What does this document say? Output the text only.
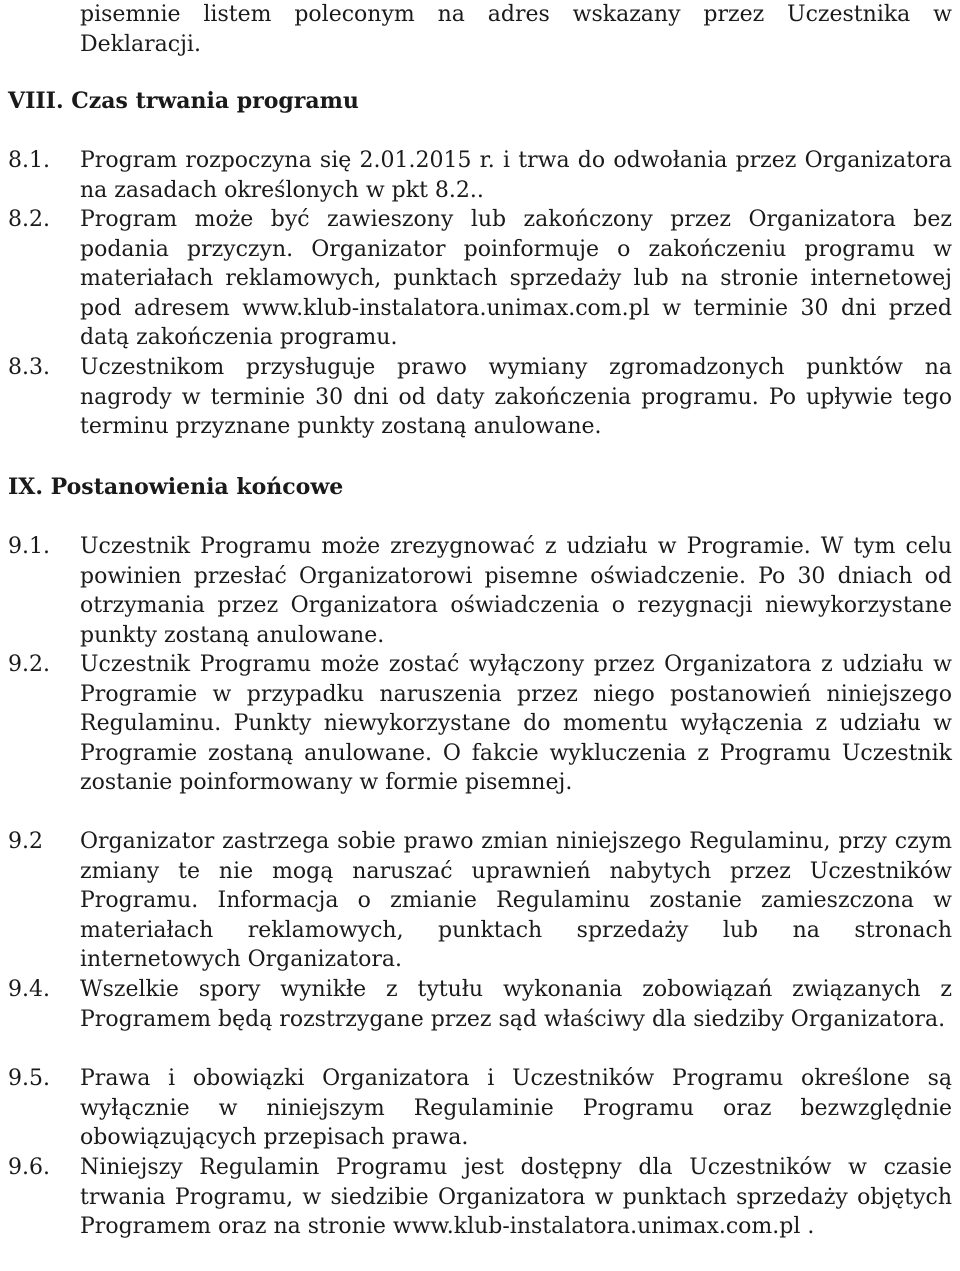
pisemnie listem poleconym na adres wskazany przez Uczestnika w
Deklaracji.
VIII. Czas trwania programu
8.1.	Program rozpoczyna się 2.01.2015 r. i trwa do odwołania przez Organizatora na zasadach określonych w pkt 8.2..
8.2.	Program może być zawieszony lub zakończony przez Organizatora bez podania przyczyn. Organizator poinformuje o zakończeniu programu w materiałach reklamowych, punktach sprzedaży lub na stronie internetowej pod adresem www.klub-instalatora.unimax.com.pl w terminie 30 dni przed datą zakończenia programu.
8.3.	Uczestnikom przysługuje prawo wymiany zgromadzonych punktów na nagrody w terminie 30 dni od daty zakończenia programu. Po upływie tego terminu przyznane punkty zostaną anulowane.
IX. Postanowienia końcowe
9.1.	Uczestnik Programu może zrezygnować z udziału w Programie. W tym celu powinien przesłać Organizatorowi pisemne oświadczenie. Po 30 dniach od otrzymania przez Organizatora oświadczenia o rezygnacji niewykorzystane punkty zostaną anulowane.
9.2.	Uczestnik Programu może zostać wyłączony przez Organizatora z udziału w Programie w przypadku naruszenia przez niego postanowień niniejszego Regulaminu. Punkty niewykorzystane do momentu wyłączenia z udziału w Programie zostaną anulowane. O fakcie wykluczenia z Programu Uczestnik zostanie poinformowany w formie pisemnej.
9.2	Organizator zastrzega sobie prawo zmian niniejszego Regulaminu, przy czym zmiany te nie mogą naruszać uprawnień nabytych przez Uczestników Programu. Informacja o zmianie Regulaminu zostanie zamieszczona w materiałach reklamowych, punktach sprzedaży lub na stronach internetowych Organizatora.
9.4.	Wszelkie spory wynikłe z tytułu wykonania zobowiązań związanych z Programem będą rozstrzygane przez sąd właściwy dla siedziby Organizatora.
9.5.	Prawa i obowiązki Organizatora i Uczestników Programu określone są wyłącznie w niniejszym Regulaminie Programu oraz bezwzględnie obowiązujących przepisach prawa.
9.6.	Niniejszy Regulamin Programu jest dostępny dla Uczestników w czasie trwania Programu, w siedzibie Organizatora w punktach sprzedaży objętych Programem oraz na stronie www.klub-instalatora.unimax.com.pl .
